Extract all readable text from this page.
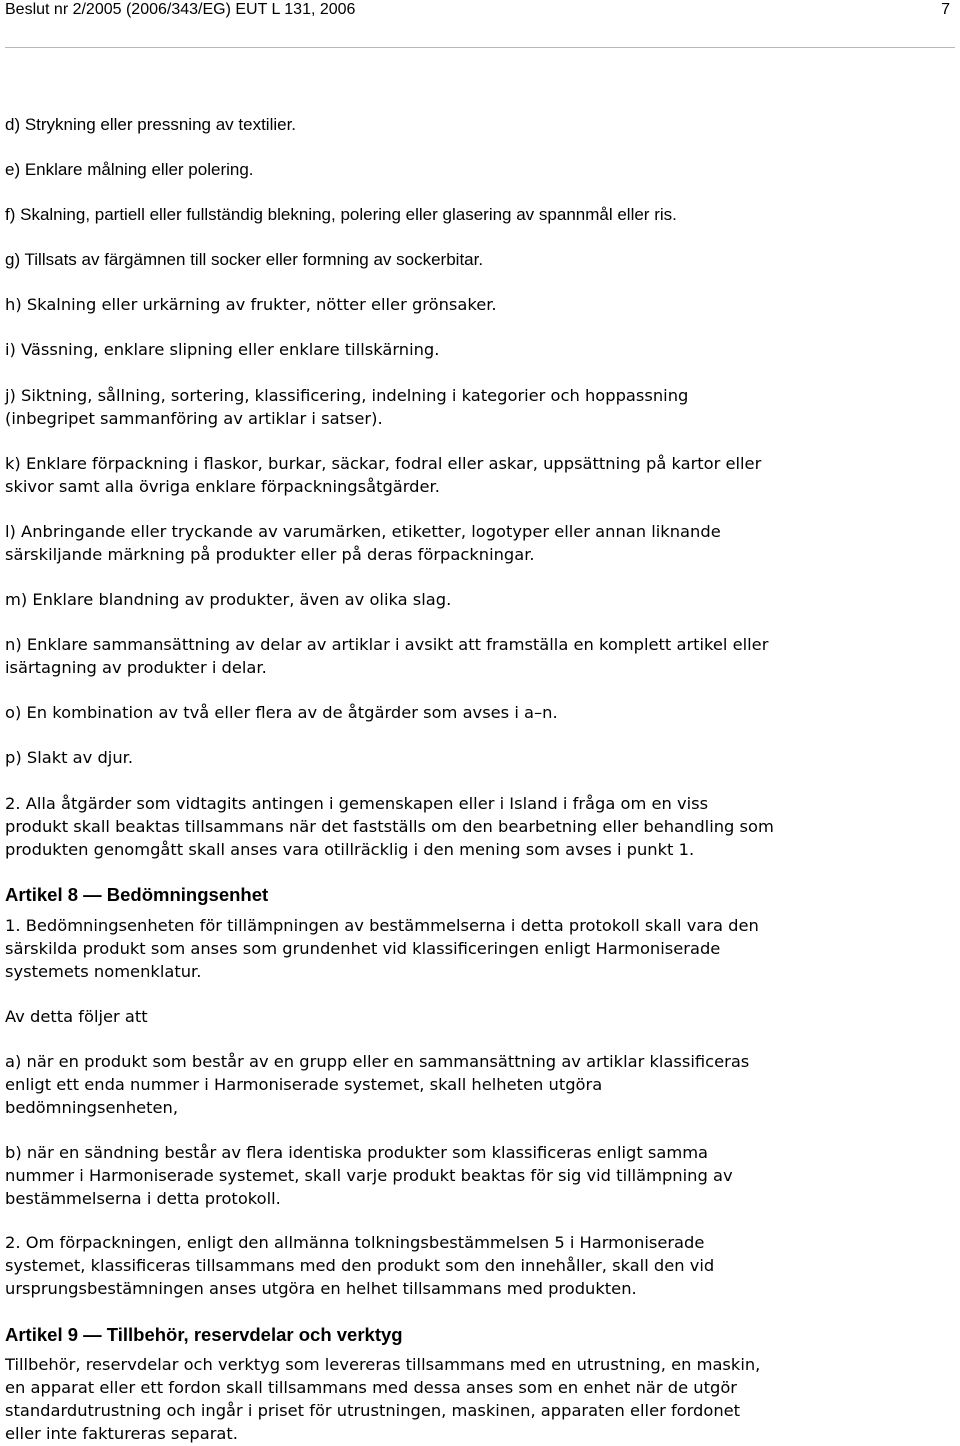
Beslut nr 2/2005 (2006/343/EG) EUT L 131, 2006	7

d) Strykning eller pressning av textilier.

e) Enklare målning eller polering.

f) Skalning, partiell eller fullständig blekning, polering eller glasering av spannmål eller ris.

g) Tillsats av färgämnen till socker eller formning av sockerbitar.

h) Skalning eller urkärning av frukter, nötter eller grönsaker.

i) Vässning, enklare slipning eller enklare tillskärning.

j) Siktning, sållning, sortering, klassificering, indelning i kategorier och hoppassning
(inbegripet sammanföring av artiklar i satser).

k) Enklare förpackning i flaskor, burkar, säckar, fodral eller askar, uppsättning på kartor eller
skivor samt alla övriga enklare förpackningsåtgärder.

l) Anbringande eller tryckande av varumärken, etiketter, logotyper eller annan liknande
särskiljande märkning på produkter eller på deras förpackningar.

m) Enklare blandning av produkter, även av olika slag.

n) Enklare sammansättning av delar av artiklar i avsikt att framställa en komplett artikel eller
isärtagning av produkter i delar.

o) En kombination av två eller flera av de åtgärder som avses i a–n.

p) Slakt av djur.

2. Alla åtgärder som vidtagits antingen i gemenskapen eller i Island i fråga om en viss
produkt skall beaktas tillsammans när det fastställs om den bearbetning eller behandling som
produkten genomgått skall anses vara otillräcklig i den mening som avses i punkt 1.

Artikel 8 — Bedömningsenhet

1. Bedömningsenheten för tillämpningen av bestämmelserna i detta protokoll skall vara den
särskilda produkt som anses som grundenhet vid klassificeringen enligt Harmoniserade
systemets nomenklatur.

Av detta följer att

a) när en produkt som består av en grupp eller en sammansättning av artiklar klassificeras
enligt ett enda nummer i Harmoniserade systemet, skall helheten utgöra
bedömningsenheten,

b) när en sändning består av flera identiska produkter som klassificeras enligt samma
nummer i Harmoniserade systemet, skall varje produkt beaktas för sig vid tillämpning av
bestämmelserna i detta protokoll.

2. Om förpackningen, enligt den allmänna tolkningsbestämmelsen 5 i Harmoniserade
systemet, klassificeras tillsammans med den produkt som den innehåller, skall den vid
ursprungsbestämningen anses utgöra en helhet tillsammans med produkten.

Artikel 9 — Tillbehör, reservdelar och verktyg

Tillbehör, reservdelar och verktyg som levereras tillsammans med en utrustning, en maskin,
en apparat eller ett fordon skall tillsammans med dessa anses som en enhet när de utgör
standardutrustning och ingår i priset för utrustningen, maskinen, apparaten eller fordonet
eller inte faktureras separat.
